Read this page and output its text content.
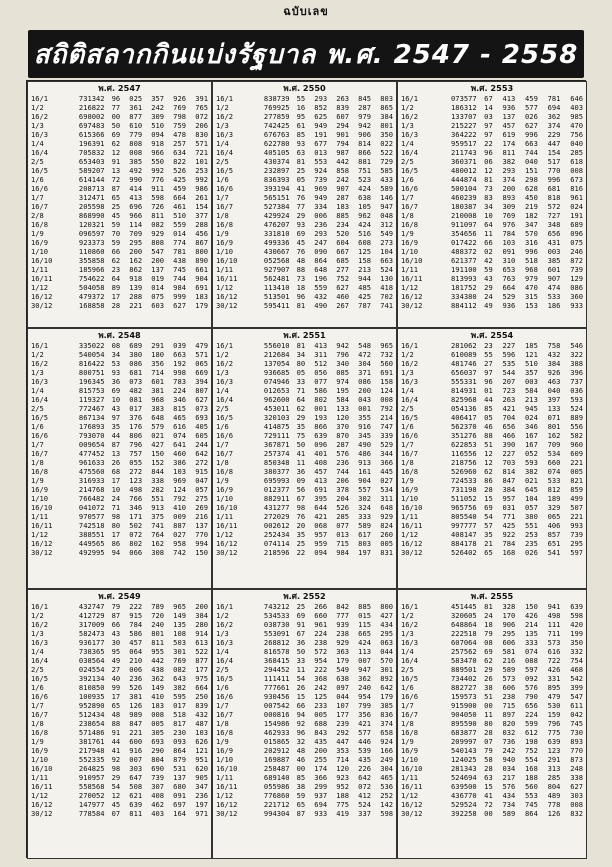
ฉบับเลข
สถิติสลากกินแบ่งรัฐบาล พ.ศ. 2547 - 2558
พ.ศ. 2547
16/1	731342	96	025	357	926	391
1/2	216822	77	361	242	769	765
16/2	698002	00	877	309	798	072
1/3	697483	50	610	510	759	206
16/3	615366	69	779	094	478	830
1/4	196391	62	808	918	257	571
16/4	705832	12	008	966	634	721
2/5	653403	91	385	550	822	101
16/5	589207	13	492	992	526	253
1/6	614144	72	990	776	425	992
16/6	208713	87	414	911	459	986
1/7	312471	65	413	598	664	261
16/7	205598	25	696	726	461	154
2/8	868990	45	966	811	510	377
16/8	120321	59	114	082	559	288
1/9	096597	70	709	929	014	456
16/9	923373	59	295	808	774	867
1/10	110860	66	200	547	781	800
16/10	355858	62	162	200	438	890
1/11	185966	23	862	137	745	661
16/11	754622	64	918	019	744	904
1/12	504058	89	139	014	984	691
16/12	479372	17	288	075	999	183
30/12	168858	28	221	603	627	179
พ.ศ. 2550
16/1	838739	55	293	263	845	803
1/2	769925	16	852	839	287	865
16/2	277859	95	625	607	979	384
1/3	742425	61	949	294	942	801
16/3	676763	85	191	901	906	350
1/4	622780	93	677	794	814	022
16/4	405105	63	013	987	866	522
2/5	430374	81	553	442	881	729
16/5	232897	25	924	858	751	585
1/6	836393	05	739	242	523	433
16/6	393194	41	969	907	424	589
1/7	565151	76	949	287	638	146
16/7	527384	77	334	183	105	947
1/8	429924	29	006	885	962	048
16/8	476207	93	236	234	424	312
1/9	331810	69	293	520	516	549
16/9	499336	45	247	604	608	273
1/10	430667	76	090	667	125	104
16/10	052568	48	864	685	158	663
1/11	927907	88	648	277	213	524
16/11	562481	73	196	752	944	130
1/12	113410	18	559	627	485	418
16/12	513501	96	432	460	425	702
30/12	595411	81	490	267	787	741
พ.ศ. 2553
16/1	073577	67	413	459	781	646
1/2	186312	14	936	577	694	403
16/2	133707	03	137	026	362	985
1/3	215227	97	457	627	374	470
16/3	364222	97	619	996	229	756
1/4	959517	22	174	663	447	040
16/4	211743	96	811	744	154	285
2/5	360371	06	382	040	517	618
16/5	480012	12	293	151	770	008
1/6	444874	81	374	298	996	673
16/6	500104	73	200	628	681	816
1/7	460239	83	893	450	818	961
16/7	180387	34	309	219	572	024
1/8	210008	10	769	182	727	191
16/8	911097	64	976	347	348	689
1/9	354656	11	784	570	656	096
16/9	017422	66	103	316	431	075
1/10	488372	02	091	996	003	246
16/10	621377	42	310	518	385	872
1/11	191100	59	653	968	601	739
16/11	813993	43	763	979	907	129
1/12	181752	29	664	470	474	086
16/12	334380	24	529	315	533	360
30/12	884112	49	936	153	186	933
พ.ศ. 2548
16/1	335022	08	689	291	039	479
1/2	540054	34	380	180	663	571
16/2	816422	53	086	356	192	065
1/3	800751	93	681	714	998	669
16/3	196345	36	073	601	783	394
1/4	815753	69	482	381	224	807
16/4	119327	10	081	968	346	627
2/5	772467	43	017	383	815	073
16/5	867134	97	376	648	465	693
1/6	176893	35	176	579	616	405
16/6	793070	44	806	021	074	605
1/7	009654	87	796	427	641	244
16/7	477452	13	757	150	460	642
1/8	961633	26	055	152	386	272
16/8	475560	68	272	844	103	915
1/9	316933	17	123	338	969	047
16/9	214768	10	498	282	124	057
1/10	766482	24	766	551	792	275
16/10	041072	71	346	913	410	269
1/11	970577	98	171	375	009	216
16/11	742518	80	502	741	887	137
1/12	388551	17	072	764	027	770
16/12	449565	86	802	162	958	994
30/12	492995	94	066	308	742	150
พ.ศ. 2551
16/1	556010	81	413	942	548	965
1/2	212684	34	311	796	472	732
16/2	137054	80	512	340	304	560
1/3	936685	05	056	085	371	691
16/3	074946	33	077	974	086	158
1/4	012653	71	586	195	200	124
16/4	962600	64	802	584	043	008
2/5	453011	62	001	133	001	792
16/5	320103	29	193	120	355	214
1/6	414875	35	866	370	916	747
16/6	729111	75	639	870	345	339
1/7	367871	50	096	287	490	529
16/7	257374	41	401	576	486	344
1/8	850348	11	408	236	913	366
16/8	380377	36	457	744	161	445
1/9	695993	09	413	206	904	027
16/9	012377	56	691	378	557	534
1/10	882911	67	395	204	302	311
16/10	431277	98	644	526	324	648
1/11	272029	76	421	285	333	929
16/11	002612	20	068	077	589	824
1/12	252434	35	957	013	617	260
16/12	074114	25	959	715	803	005
30/12	218596	22	094	984	197	831
พ.ศ. 2554
16/1	281062	23	227	185	758	546
1/2	610089	55	596	121	432	322
16/2	481746	27	535	510	384	388
1/3	656037	97	544	357	926	396
16/3	555331	96	207	003	463	737
1/4	814931	01	723	584	040	036
16/4	825968	44	263	213	397	593
2/5	054136	85	421	945	133	524
16/5	406417	05	704	024	071	889
1/6	562370	46	656	346	801	556
16/6	351276	88	466	167	162	582
1/7	622853	51	390	167	709	960
16/7	116556	12	227	052	534	609
1/8	218756	12	703	593	660	221
16/8	526960	62	814	382	074	005
1/9	724533	86	847	021	533	821
16/9	731198	28	384	645	812	859
1/10	511052	15	957	104	189	499
16/10	965756	69	031	057	329	507
1/11	805540	54	771	380	065	221
16/11	997777	57	425	551	406	993
1/12	408147	35	922	253	857	739
16/12	884178	21	784	235	651	295
30/12	526402	65	168	026	541	597
พ.ศ. 2549
16/1	432747	79	222	789	965	200
1/2	412729	87	915	720	149	384
16/2	317009	66	784	240	135	280
1/3	582473	43	586	801	108	914
16/3	936177	30	457	811	503	613
1/4	738365	95	064	955	301	522
16/4	038564	49	210	442	769	877
2/5	024554	27	006	438	082	177
16/5	392134	40	236	362	643	975
1/6	810850	99	526	149	382	664
16/6	100935	17	381	410	595	250
1/7	952890	65	126	183	017	839
16/7	512434	48	989	008	518	432
1/8	238654	88	847	005	817	487
16/8	571486	91	221	305	230	103
1/9	381761	44	600	693	093	626
16/9	217948	41	916	290	864	121
1/10	552335	92	007	804	879	951
16/10	264825	98	303	690	531	620
1/11	910957	29	647	739	137	905
16/11	558568	54	508	307	680	347
1/12	270052	12	621	408	091	236
16/12	147977	45	639	462	697	197
30/12	778584	07	811	403	164	971
พ.ศ. 2552
16/1	743212	25	266	842	885	800
1/2	534533	69	660	777	015	427
16/2	038730	91	961	939	115	434
1/3	553091	67	224	238	665	295
16/3	268812	36	238	929	424	063
1/4	816578	50	572	363	113	044
16/4	368415	33	954	179	007	570
2/5	294452	11	222	549	947	301
16/5	111411	54	368	638	362	892
1/6	777661	26	242	097	240	642
16/6	930456	15	125	044	954	179
1/7	007542	66	233	107	799	385
16/7	000816	94	005	177	356	836
1/8	154986	92	688	239	421	374
16/8	462933	96	843	292	577	658
1/9	015865	32	435	447	446	924
16/9	202912	48	200	353	539	166
1/10	169887	46	255	714	435	249
16/10	258487	00	174	120	226	304
1/11	689140	85	366	923	642	465
16/11	055986	38	299	952	072	536
1/12	776860	59	937	188	412	252
16/12	221712	65	694	775	524	142
30/12	994304	87	933	419	337	598
พ.ศ. 2555
16/1	451445	81	328	150	941	639
1/2	320605	24	170	426	498	598
16/2	648864	18	906	214	111	420
1/3	222518	79	295	135	711	199
16/3	607064	08	606	333	573	350
1/4	257562	69	581	074	616	332
16/4	583470	62	216	088	722	754
2/5	889501	29	589	597	426	468
16/5	734402	26	573	092	331	542
1/6	882727	38	606	576	895	399
16/6	159573	51	238	790	479	547
1/7	915900	00	715	656	530	611
16/7	904050	11	897	224	159	042
1/8	895590	80	820	599	796	745
16/8	683877	28	032	612	775	730
1/9	209997	07	736	198	639	893
16/9	540143	79	242	752	123	770
1/10	124025	58	940	554	291	873
16/10	281343	28	034	168	313	248
1/11	524694	63	217	188	285	338
16/11	639500	15	576	560	804	627
1/12	436770	41	434	553	489	303
16/12	529524	72	734	745	778	008
30/12	392258	00	589	864	126	832
